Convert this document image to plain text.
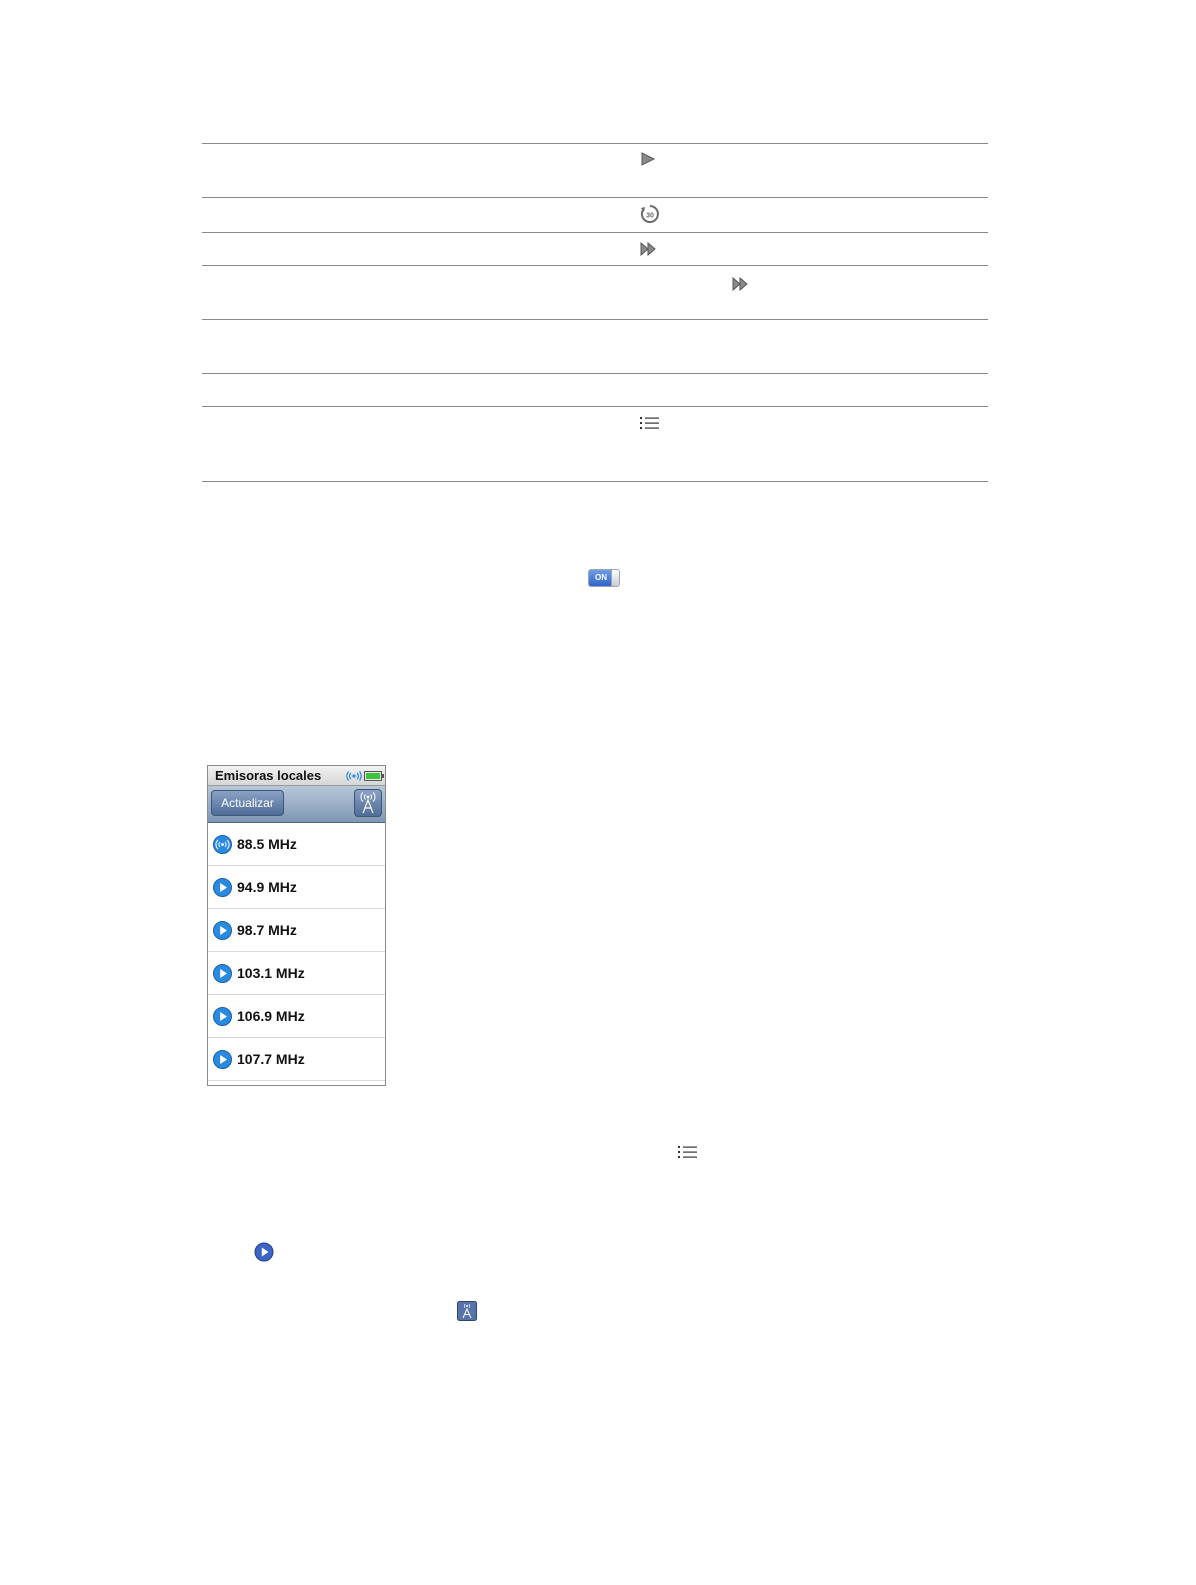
30
ON
Emisoras locales
Actualizar
88.5 MHz
94.9 MHz
98.7 MHz
103.1 MHz
106.9 MHz
107.7 MHz
